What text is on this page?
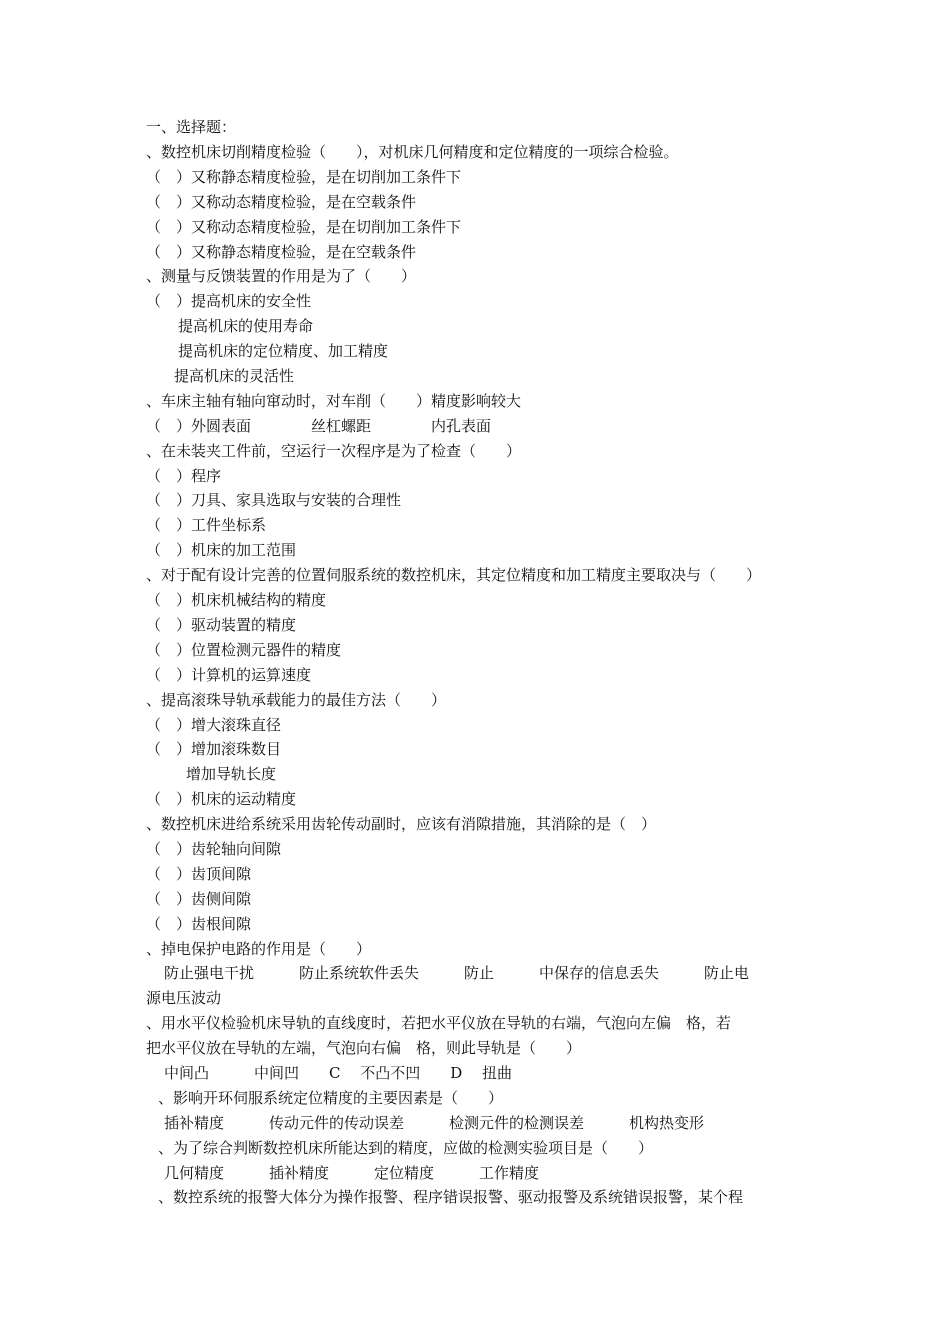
一、选择题：
、数控机床切削精度检验（　　），对机床几何精度和定位精度的一项综合检验。
（　）又称静态精度检验，是在切削加工条件下
（　）又称动态精度检验，是在空载条件
（　）又称动态精度检验，是在切削加工条件下
（　）又称静态精度检验，是在空载条件
、测量与反馈装置的作用是为了（　　）
（　）提高机床的安全性
提高机床的使用寿命
提高机床的定位精度、加工精度
提高机床的灵活性
、车床主轴有轴向窜动时，对车削（　　）精度影响较大
（　）外圆表面　　　　丝杠螺距　　　　内孔表面
、在未装夹工件前，空运行一次程序是为了检查（　　）
（　）程序
（　）刀具、家具选取与安装的合理性
（　）工件坐标系
（　）机床的加工范围
、对于配有设计完善的位置伺服系统的数控机床，其定位精度和加工精度主要取决与（　　）
（　）机床机械结构的精度
（　）驱动装置的精度
（　）位置检测元器件的精度
（　）计算机的运算速度
、提高滚珠导轨承载能力的最佳方法（　　）
（　）增大滚珠直径
（　）增加滚珠数目
增加导轨长度
（　）机床的运动精度
、数控机床进给系统采用齿轮传动副时，应该有消隙措施，其消除的是（　）
（　）齿轮轴向间隙
（　）齿顶间隙
（　）齿侧间隙
（　）齿根间隙
、掉电保护电路的作用是（　　）
防止强电干扰　　　防止系统软件丢失　　　防止　　　中保存的信息丢失　　　防止电
源电压波动
、用水平仪检验机床导轨的直线度时，若把水平仪放在导轨的右端，气泡向左偏　格，若
把水平仪放在导轨的左端，气泡向右偏　格，则此导轨是（　　）
中间凸　　　中间凹　　C　 不凸不凹　　D　 扭曲
、影响开环伺服系统定位精度的主要因素是（　　）
插补精度　　　传动元件的传动误差　　　检测元件的检测误差　　　机构热变形
、为了综合判断数控机床所能达到的精度，应做的检测实验项目是（　　）
几何精度　　　插补精度　　　定位精度　　　工作精度
、数控系统的报警大体分为操作报警、程序错误报警、驱动报警及系统错误报警，某个程
